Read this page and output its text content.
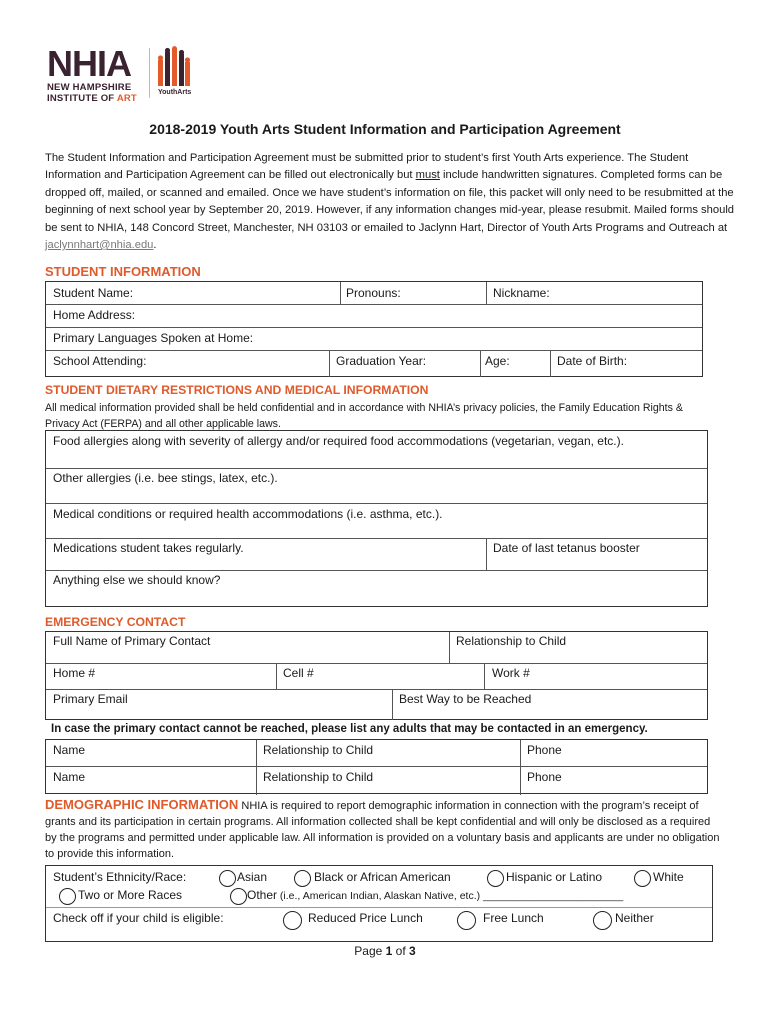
NHIA
NEW HAMPSHIRE
INSTITUTE OF ART
YouthArts
2018-2019 Youth Arts Student Information and Participation Agreement
The Student Information and Participation Agreement must be submitted prior to student’s first Youth Arts experience. The Student Information and Participation Agreement can be filled out electronically but must include handwritten signatures. Completed forms can be dropped off, mailed, or scanned and emailed. Once we have student’s information on file, this packet will only need to be resubmitted at the beginning of next school year by September 20, 2019. However, if any information changes mid-year, please resubmit. Mailed forms should be sent to NHIA, 148 Concord Street, Manchester, NH 03103 or emailed to Jaclynn Hart, Director of Youth Arts Programs and Outreach at jaclynnhart@nhia.edu.
STUDENT INFORMATION
Student Name:	Pronouns:	Nickname:
Home Address:
Primary Languages Spoken at Home:
School Attending:	Graduation Year:	Age:	Date of Birth:
STUDENT DIETARY RESTRICTIONS AND MEDICAL INFORMATION
All medical information provided shall be held confidential and in accordance with NHIA’s privacy policies, the Family Education Rights & Privacy Act (FERPA) and all other applicable laws.
Food allergies along with severity of allergy and/or required food accommodations (vegetarian, vegan, etc.).
Other allergies (i.e. bee stings, latex, etc.).
Medical conditions or required health accommodations (i.e. asthma, etc.).
Medications student takes regularly.	Date of last tetanus booster
Anything else we should know?
EMERGENCY CONTACT
Full Name of Primary Contact	Relationship to Child
Home #	Cell #	Work #
Primary Email	Best Way to be Reached
In case the primary contact cannot be reached, please list any adults that may be contacted in an emergency.
Name	Relationship to Child	Phone
Name	Relationship to Child	Phone
DEMOGRAPHIC INFORMATION NHIA is required to report demographic information in connection with the program’s receipt of grants and its participation in certain programs. All information collected shall be kept confidential and will only be disclosed as a required by the programs and permitted under applicable law. All information is provided on a voluntary basis and applicants are under no obligation to provide this information.
Student’s Ethnicity/Race:	Asian	Black or African American	Hispanic or Latino	White
Two or More Races	Other (i.e., American Indian, Alaskan Native, etc.) ________________________
Check off if your child is eligible:	Reduced Price Lunch	Free Lunch	Neither
Page 1 of 3
